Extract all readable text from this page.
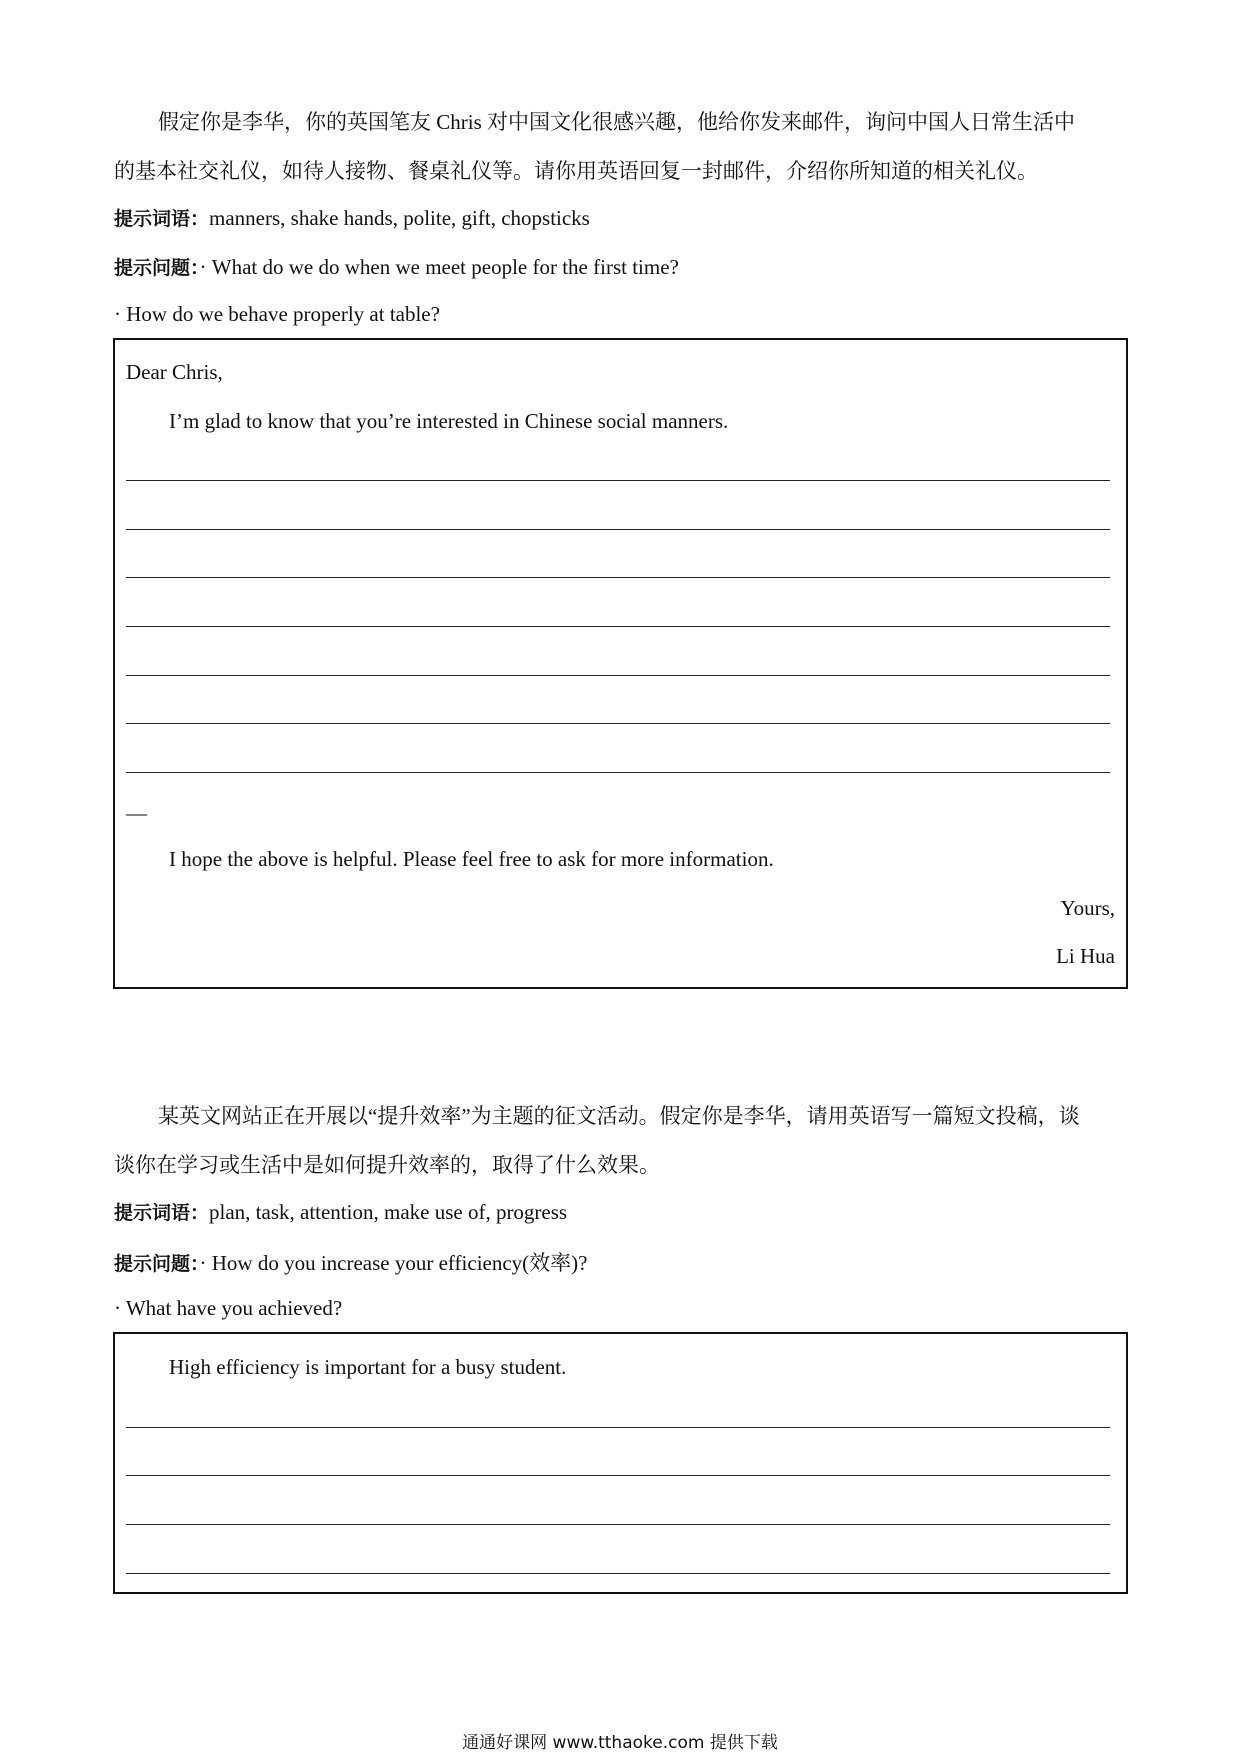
假定你是李华，你的英国笔友 Chris 对中国文化很感兴趣，他给你发来邮件，询问中国人日常生活中
的基本社交礼仪，如待人接物、餐桌礼仪等。请你用英语回复一封邮件，介绍你所知道的相关礼仪。
提示词语：manners, shake hands, polite, gift, chopsticks
提示问题：· What do we do when we meet people for the first time?
· How do we behave properly at table?
Dear Chris,
I’m glad to know that you’re interested in Chinese social manners.
—
I hope the above is helpful. Please feel free to ask for more information.
Yours,
Li Hua
某英文网站正在开展以“提升效率”为主题的征文活动。假定你是李华，请用英语写一篇短文投稿，谈
谈你在学习或生活中是如何提升效率的，取得了什么效果。
提示词语：plan, task, attention, make use of, progress
提示问题：· How do you increase your efficiency(效率)?
· What have you achieved?
High efficiency is important for a busy student.
通通好课网 www.tthaoke.com 提供下载
